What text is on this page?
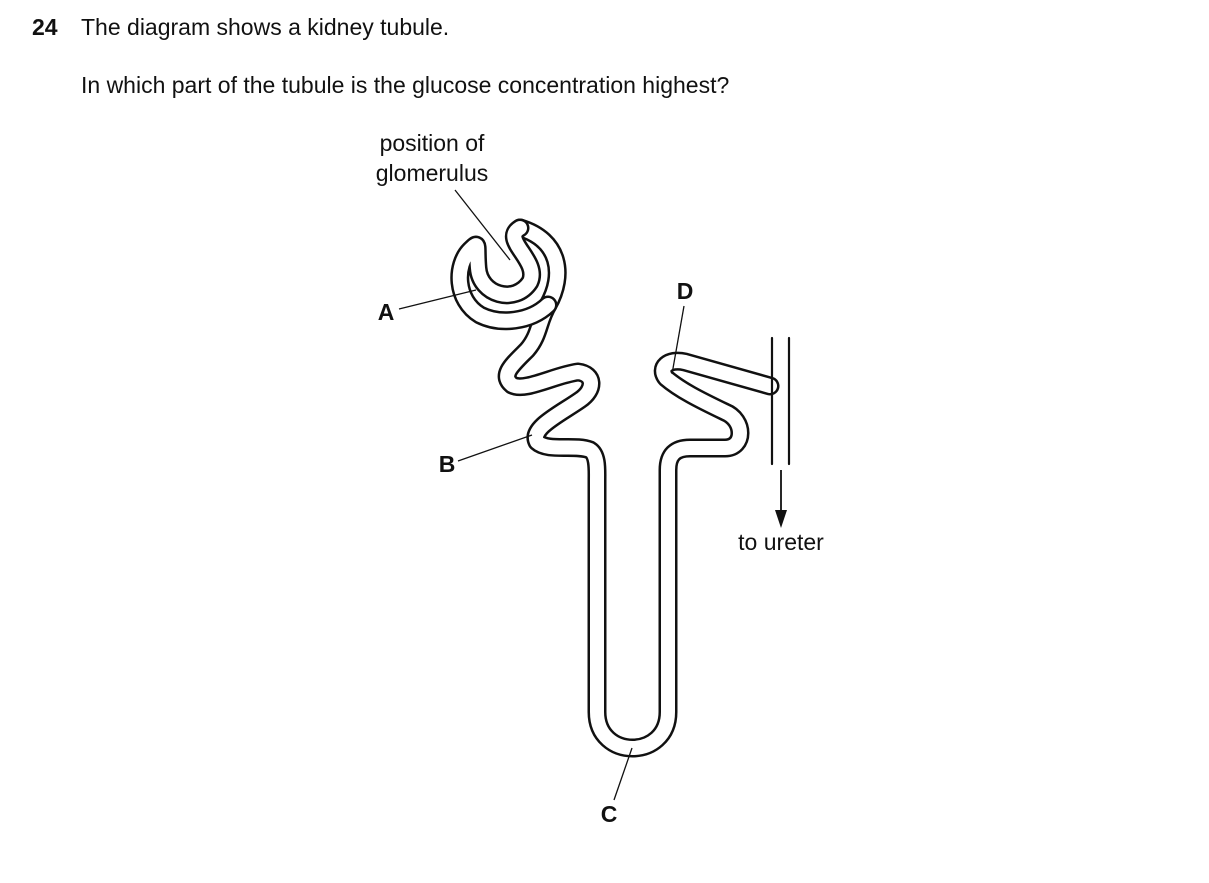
24 The diagram shows a kidney tubule.
In which part of the tubule is the glucose concentration highest?
position of
glomerulus
to ureter
A
B
C
D
